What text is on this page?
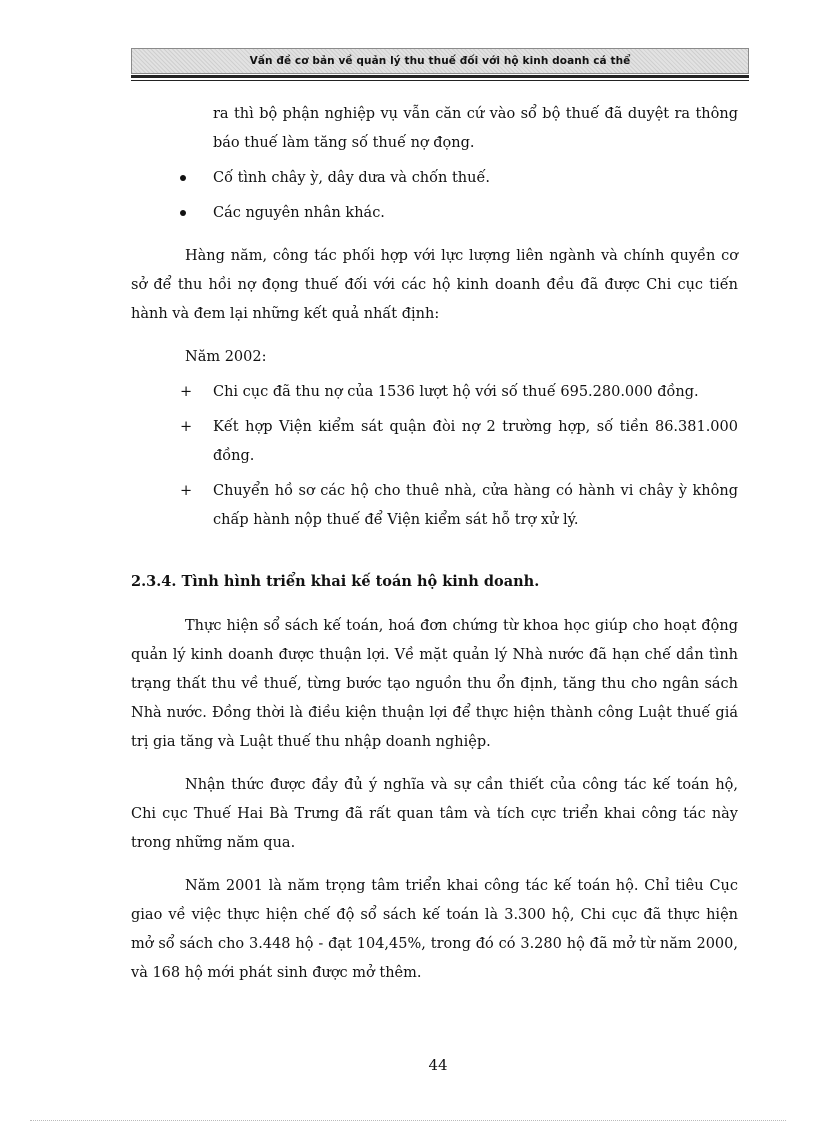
Vấn đề cơ bản về quản lý thu thuế đối với hộ kinh doanh cá thể

ra thì bộ phận nghiệp vụ vẫn căn cứ vào sổ bộ thuế đã duyệt ra thông báo thuế làm tăng số thuế nợ đọng.

Cố tình chây ỳ, dây dưa và chốn thuế.

Các nguyên nhân khác.

Hàng năm, công tác phối hợp với lực lượng liên ngành và chính quyền cơ sở để thu hồi nợ đọng thuế đối với các hộ kinh doanh đều đã được Chi cục tiến hành và đem lại những kết quả nhất định:

Năm 2002:

+ Chi cục đã thu nợ của 1536 lượt hộ với số thuế 695.280.000 đồng.

+ Kết hợp Viện kiểm sát quận đòi nợ 2 trường hợp, số tiền 86.381.000 đồng.

+ Chuyển hồ sơ các hộ cho thuê nhà, cửa hàng có hành vi chây ỳ không chấp hành nộp thuế để Viện kiểm sát hỗ trợ xử lý.

2.3.4. Tình hình triển khai kế toán hộ kinh doanh.

Thực hiện sổ sách kế toán, hoá đơn chứng từ khoa học giúp cho hoạt động quản lý kinh doanh được thuận lợi. Về mặt quản lý Nhà nước đã hạn chế dần tình trạng thất thu về thuế, từng bước tạo nguồn thu ổn định, tăng thu cho ngân sách Nhà nước. Đồng thời là điều kiện thuận lợi để thực hiện thành công Luật thuế giá trị gia tăng và Luật thuế thu nhập doanh nghiệp.

Nhận thức được đầy đủ ý nghĩa và sự cần thiết của công tác kế toán hộ, Chi cục Thuế Hai Bà Trưng đã rất quan tâm và tích cực triển khai công tác này trong những năm qua.

Năm 2001 là năm trọng tâm triển khai công tác kế toán hộ. Chỉ tiêu Cục giao về việc thực hiện chế độ sổ sách kế toán là 3.300 hộ, Chi cục đã thực hiện mở sổ sách cho 3.448 hộ - đạt 104,45%, trong đó có 3.280 hộ đã mở từ năm 2000, và 168 hộ mới phát sinh được mở thêm.

44
